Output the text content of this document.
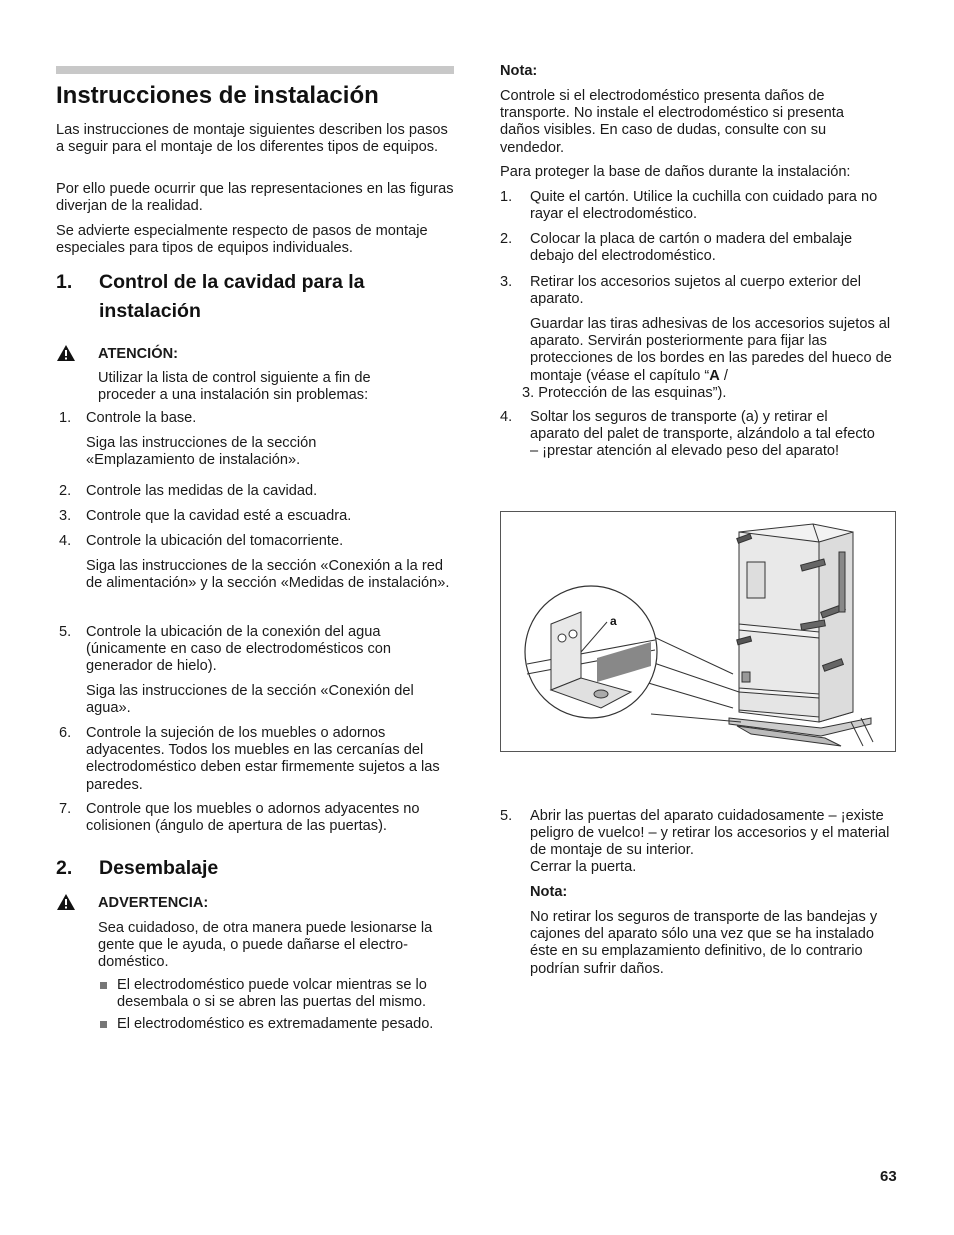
Instrucciones de instalación

Las instrucciones de montaje siguientes describen los pasos a seguir para el montaje de los diferentes tipos de equipos.

Por ello puede ocurrir que las representaciones en las figuras diverjan de la realidad.

Se advierte especialmente respecto de pasos de montaje especiales para tipos de equipos individuales.

1. Control de la cavidad para la instalación

ATENCIÓN:

Utilizar la lista de control siguiente a fin de proceder a una instalación sin problemas:

1. Controle la base.

Siga las instrucciones de la sección «Emplazamiento de instalación».

2. Controle las medidas de la cavidad.

3. Controle que la cavidad esté a escuadra.

4. Controle la ubicación del tomacorriente.

Siga las instrucciones de la sección «Conexión a la red de alimentación» y la sección «Medidas de instalación».

5. Controle la ubicación de la conexión del agua (únicamente en caso de electrodomésticos con generador de hielo).

Siga las instrucciones de la sección «Conexión del agua».

6. Controle la sujeción de los muebles o adornos adyacentes. Todos los muebles en las cercanías del electrodoméstico deben estar firmemente sujetos a las paredes.

7. Controle que los muebles o adornos adyacentes no colisionen (ángulo de apertura de las puertas).

2. Desembalaje

ADVERTENCIA:

Sea cuidadoso, de otra manera puede lesionarse la gente que le ayuda, o puede dañarse el electro-doméstico.

El electrodoméstico puede volcar mientras se lo desembala o si se abren las puertas del mismo.

El electrodoméstico es extremadamente pesado.

Nota:

Controle si el electrodoméstico presenta daños de transporte. No instale el electrodoméstico si presenta daños visibles. En caso de dudas, consulte con su vendedor.

Para proteger la base de daños durante la instalación:

1. Quite el cartón. Utilice la cuchilla con cuidado para no rayar el electrodoméstico.

2. Colocar la placa de cartón o madera del embalaje debajo del electrodoméstico.

3. Retirar los accesorios sujetos al cuerpo exterior del aparato.

Guardar las tiras adhesivas de los accesorios sujetos al aparato. Servirán posteriormente para fijar las protecciones de los bordes en las paredes del hueco de montaje (véase el capítulo “A /
3. Protección de las esquinas”).

4. Soltar los seguros de transporte (a) y retirar el aparato del palet de transporte, alzándolo a tal efecto – ¡prestar atención al elevado peso del aparato!

a
5. Abrir las puertas del aparato cuidadosamente – ¡existe peligro de vuelco! – y retirar los accesorios y el material de montaje de su interior.

Cerrar la puerta.

Nota:

No retirar los seguros de transporte de las bandejas y cajones del aparato sólo una vez que se ha instalado éste en su emplazamiento definitivo, de lo contrario podrían sufrir daños.

63
